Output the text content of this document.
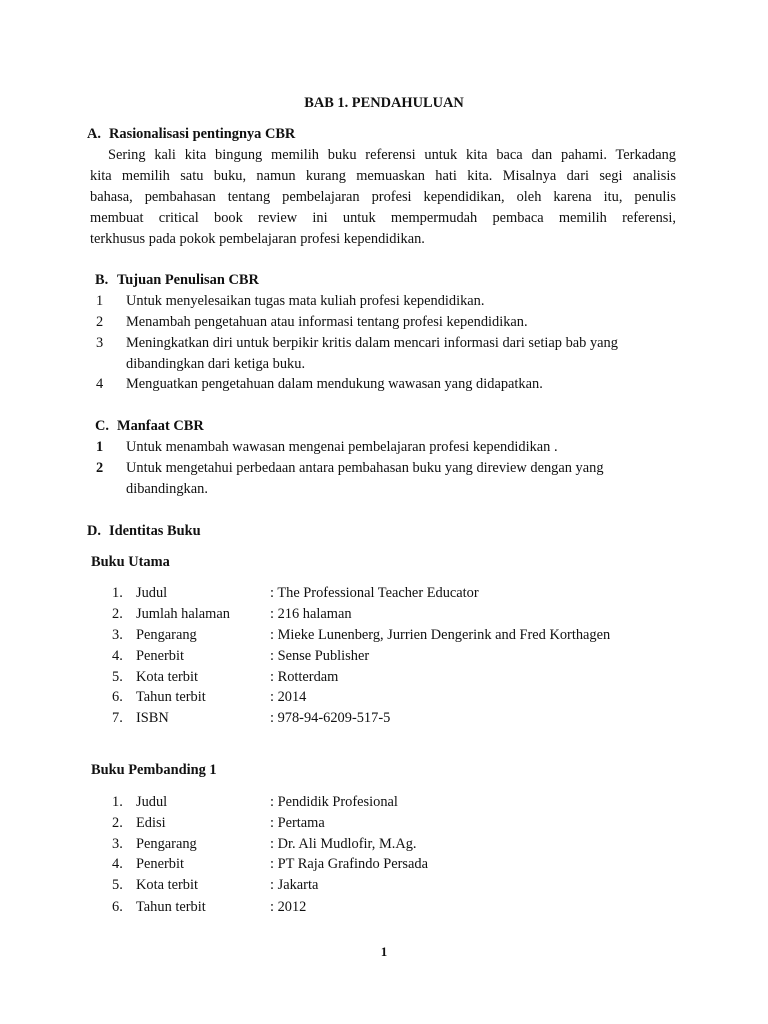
BAB 1. PENDAHULUAN
A. Rasionalisasi pentingnya CBR
Sering kali kita bingung memilih buku referensi untuk kita baca dan pahami. Terkadang
kita memilih satu buku, namun kurang memuaskan hati kita. Misalnya dari segi analisis
bahasa, pembahasan tentang pembelajaran profesi kependidikan, oleh karena itu, penulis
membuat critical book review ini untuk mempermudah pembaca memilih referensi,
terkhusus pada pokok pembelajaran profesi kependidikan.
B. Tujuan Penulisan CBR
1 Untuk menyelesaikan tugas mata kuliah profesi kependidikan.
2 Menambah pengetahuan atau informasi tentang profesi kependidikan.
3 Meningkatkan diri untuk berpikir kritis dalam mencari informasi dari setiap bab yang
dibandingkan dari ketiga buku.
4 Menguatkan pengetahuan dalam mendukung wawasan yang didapatkan.
C. Manfaat CBR
1 Untuk menambah wawasan mengenai pembelajaran profesi kependidikan .
2 Untuk mengetahui perbedaan antara pembahasan buku yang direview dengan yang
dibandingkan.
D. Identitas Buku
Buku Utama
1. Judul	: The Professional Teacher Educator
2. Jumlah halaman	: 216 halaman
3. Pengarang	: Mieke Lunenberg, Jurrien Dengerink and Fred Korthagen
4. Penerbit	: Sense Publisher
5. Kota terbit	: Rotterdam
6. Tahun terbit	: 2014
7. ISBN	: 978-94-6209-517-5
Buku Pembanding 1
1. Judul	: Pendidik Profesional
2. Edisi	: Pertama
3. Pengarang	: Dr. Ali Mudlofir, M.Ag.
4. Penerbit	: PT Raja Grafindo Persada
5. Kota terbit	: Jakarta
6. Tahun terbit	: 2012
1
